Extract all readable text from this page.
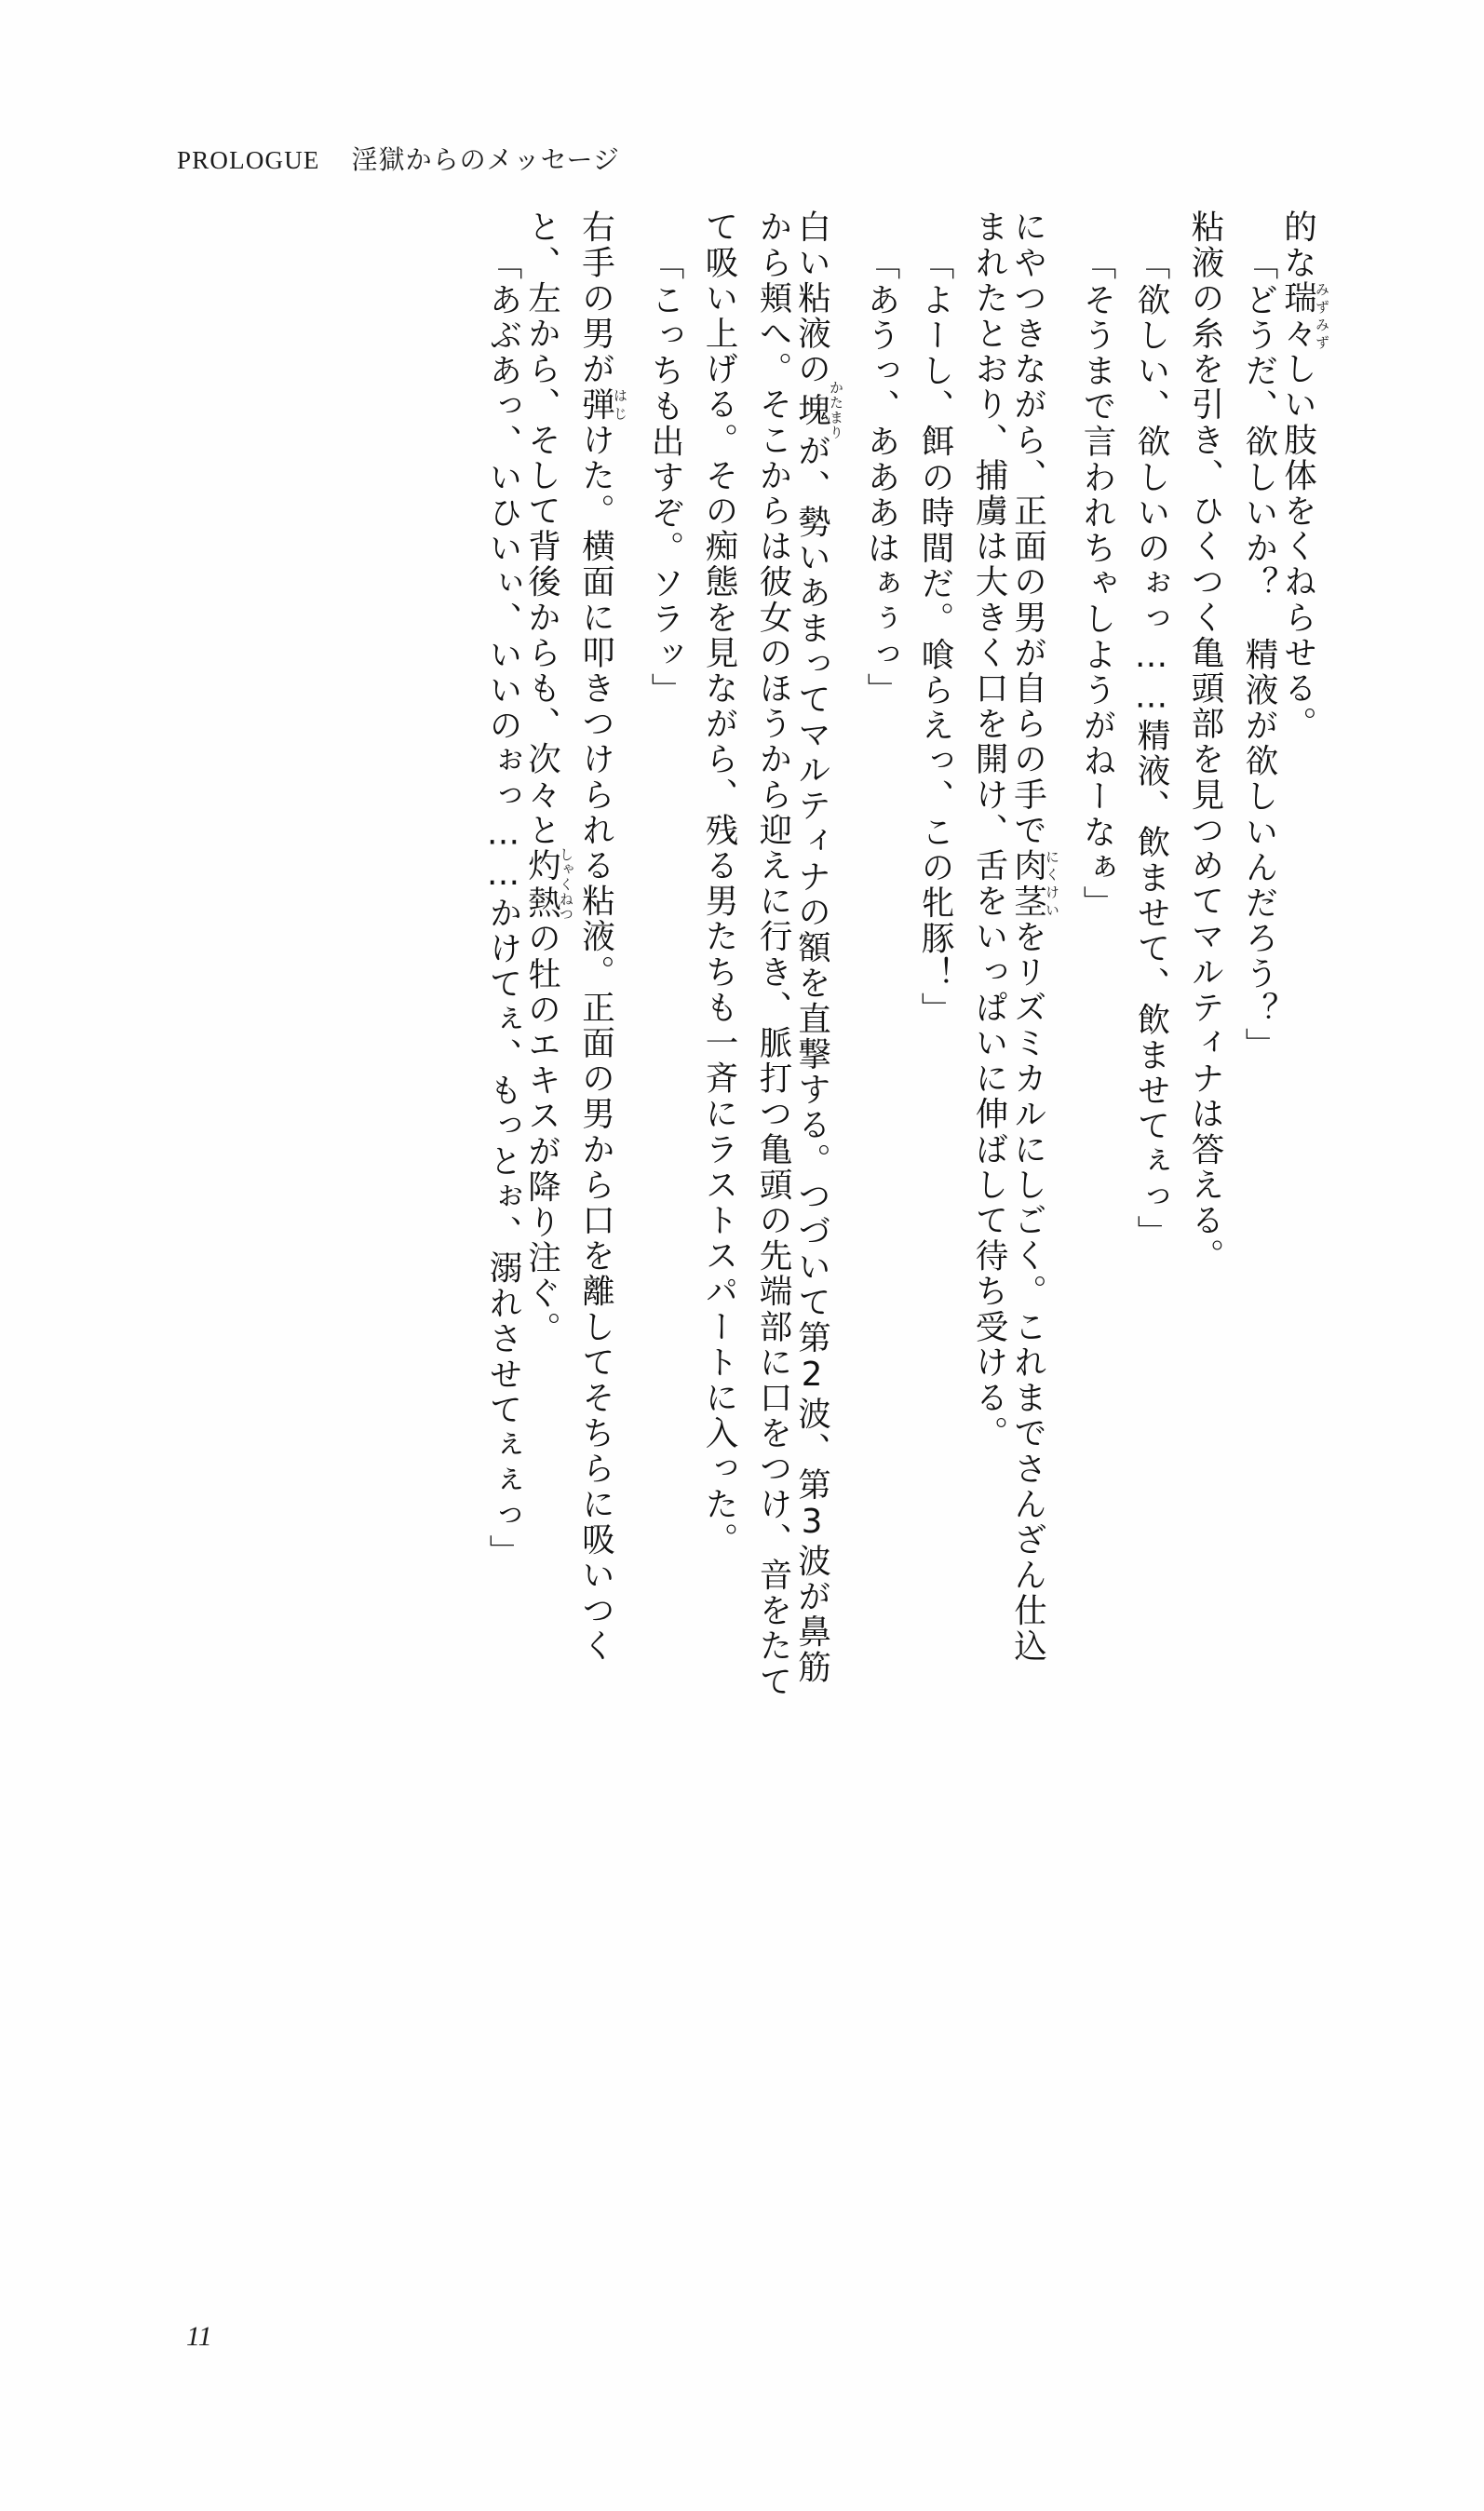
PROLOGUE 淫獄からのメッセージ
的な瑞々みずみずしい肢体をくねらせる。
「どうだ、欲しいか？　精液が欲しいんだろう？」
粘液の糸を引き、ひくつく亀頭部を見つめてマルティナは答える。
「欲しい、欲しいのぉっ……精液、飲ませて、飲ませてぇっ」
「そうまで言われちゃしようがねーなぁ」
にやつきながら、正面の男が自らの手で肉茎にくけいをリズミカルにしごく。これまでさんざん仕込
まれたとおり、捕虜は大きく口を開け、舌をいっぱいに伸ばして待ち受ける。
「よーし、餌の時間だ。喰らえっ、この牝豚！」
「あうっ、あああはぁぅっ」
白い粘液の塊かたまりが、勢いあまってマルティナの額を直撃する。つづいて第2波、第3波が鼻筋
から頬へ。そこからは彼女のほうから迎えに行き、脈打つ亀頭の先端部に口をつけ、音をたて
て吸い上げる。その痴態を見ながら、残る男たちも一斉にラストスパートに入った。
「こっちも出すぞ。ソラッ」
右手の男が弾はじけた。横面に叩きつけられる粘液。正面の男から口を離してそちらに吸いつく
と、左から、そして背後からも、次々と灼熱しゃくねつの牡のエキスが降り注ぐ。
「あぶあっ、いひいぃ、いいのぉっ……かけてぇ、もっとぉ、溺れさせてぇぇっ」
11
